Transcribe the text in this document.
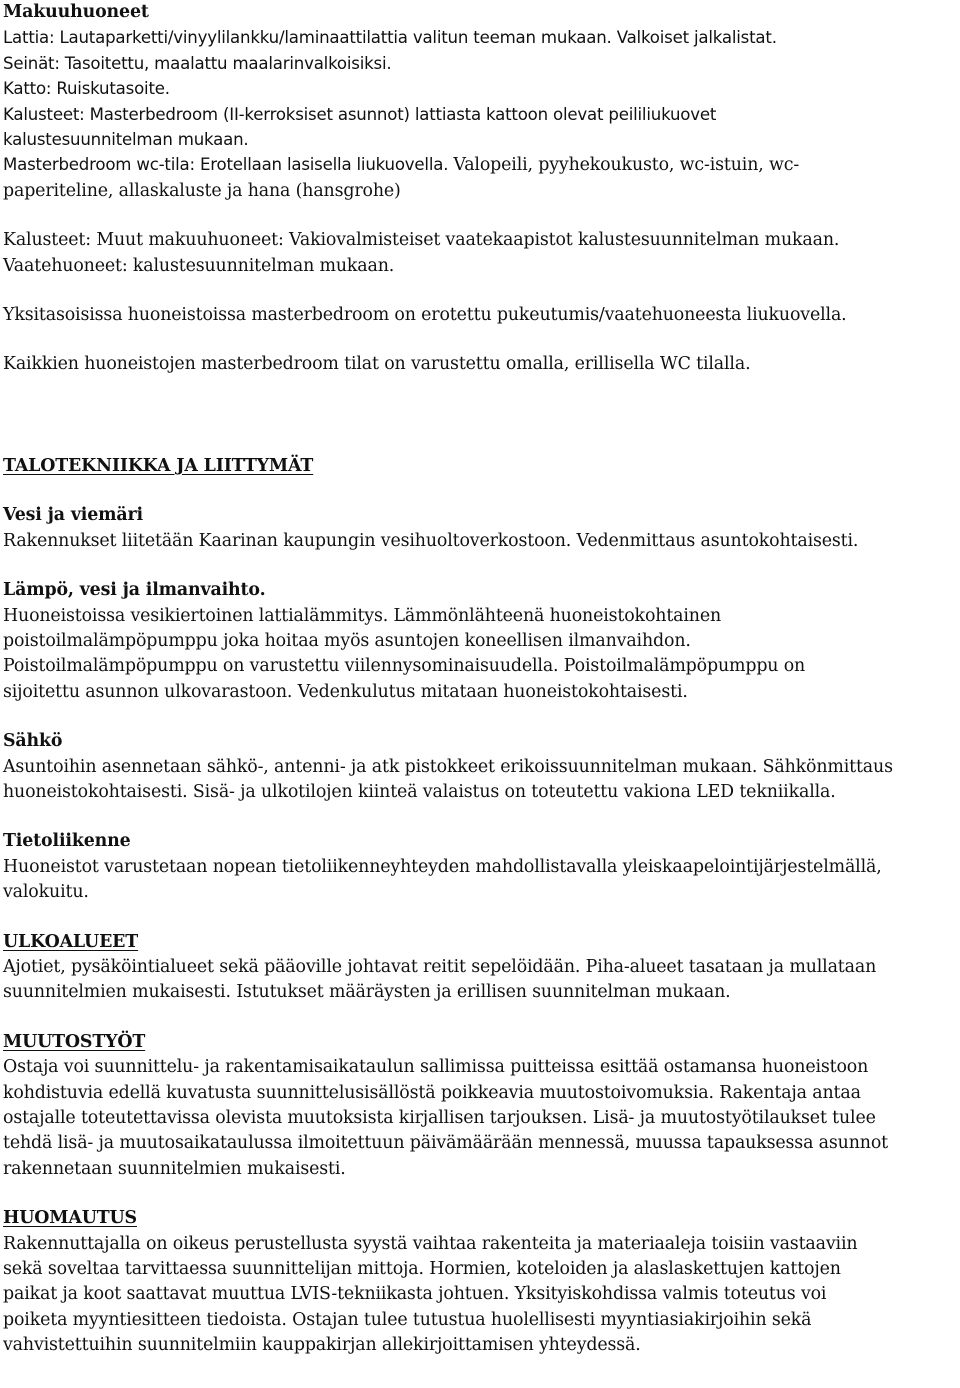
Makuuhuoneet
Lattia: Lautaparketti/vinyylilankku/laminaattilattia valitun teeman mukaan. Valkoiset jalkalistat.
Seinät: Tasoitettu, maalattu maalarinvalkoisiksi.
Katto: Ruiskutasoite.
Kalusteet: Masterbedroom (II-kerroksiset asunnot) lattiasta kattoon olevat peililiukuovet
kalustesuunnitelman mukaan.
Masterbedroom wc-tila: Erotellaan lasisella liukuovella. Valopeili, pyyhekoukusto, wc-istuin, wc-
paperiteline, allaskaluste ja hana (hansgrohe)
Kalusteet: Muut makuuhuoneet: Vakiovalmisteiset vaatekaapistot kalustesuunnitelman mukaan.
Vaatehuoneet: kalustesuunnitelman mukaan.
Yksitasoisissa huoneistoissa masterbedroom on erotettu pukeutumis/vaatehuoneesta liukuovella.
Kaikkien huoneistojen masterbedroom tilat on varustettu omalla, erillisella WC tilalla.
TALOTEKNIIKKA JA LIITTYMÄT
Vesi ja viemäri
Rakennukset liitetään Kaarinan kaupungin vesihuoltoverkostoon. Vedenmittaus asuntokohtaisesti.
Lämpö, vesi ja ilmanvaihto.
Huoneistoissa vesikiertoinen lattialämmitys. Lämmönlähteenä huoneistokohtainen
poistoilmalämpöpumppu joka hoitaa myös asuntojen koneellisen ilmanvaihdon.
Poistoilmalämpöpumppu on varustettu viilennysominaisuudella. Poistoilmalämpöpumppu on
sijoitettu asunnon ulkovarastoon. Vedenkulutus mitataan huoneistokohtaisesti.
Sähkö
Asuntoihin asennetaan sähkö-, antenni- ja atk pistokkeet erikoissuunnitelman mukaan. Sähkönmittaus
huoneistokohtaisesti. Sisä- ja ulkotilojen kiinteä valaistus on toteutettu vakiona LED tekniikalla.
Tietoliikenne
Huoneistot varustetaan nopean tietoliikenneyhteyden mahdollistavalla yleiskaapelointijärjestelmällä,
valokuitu.
ULKOALUEET
Ajotiet, pysäköintialueet sekä pääoville johtavat reitit sepelöidään. Piha-alueet tasataan ja mullataan
suunnitelmien mukaisesti. Istutukset määräysten ja erillisen suunnitelman mukaan.
MUUTOSTYÖT
Ostaja voi suunnittelu- ja rakentamisaikataulun sallimissa puitteissa esittää ostamansa huoneistoon
kohdistuvia edellä kuvatusta suunnittelusisällöstä poikkeavia muutostoivomuksia. Rakentaja antaa
ostajalle toteutettavissa olevista muutoksista kirjallisen tarjouksen. Lisä- ja muutostyötilaukset tulee
tehdä lisä- ja muutosaikataulussa ilmoitettuun päivämäärään mennessä, muussa tapauksessa asunnot
rakennetaan suunnitelmien mukaisesti.
HUOMAUTUS
Rakennuttajalla on oikeus perustellusta syystä vaihtaa rakenteita ja materiaaleja toisiin vastaaviin
sekä soveltaa tarvittaessa suunnittelijan mittoja. Hormien, koteloiden ja alaslaskettujen kattojen
paikat ja koot saattavat muuttua LVIS-tekniikasta johtuen. Yksityiskohdissa valmis toteutus voi
poiketa myyntiesitteen tiedoista. Ostajan tulee tutustua huolellisesti myyntiasiakirjoihin sekä
vahvistettuihin suunnitelmiin kauppakirjan allekirjoittamisen yhteydessä.
